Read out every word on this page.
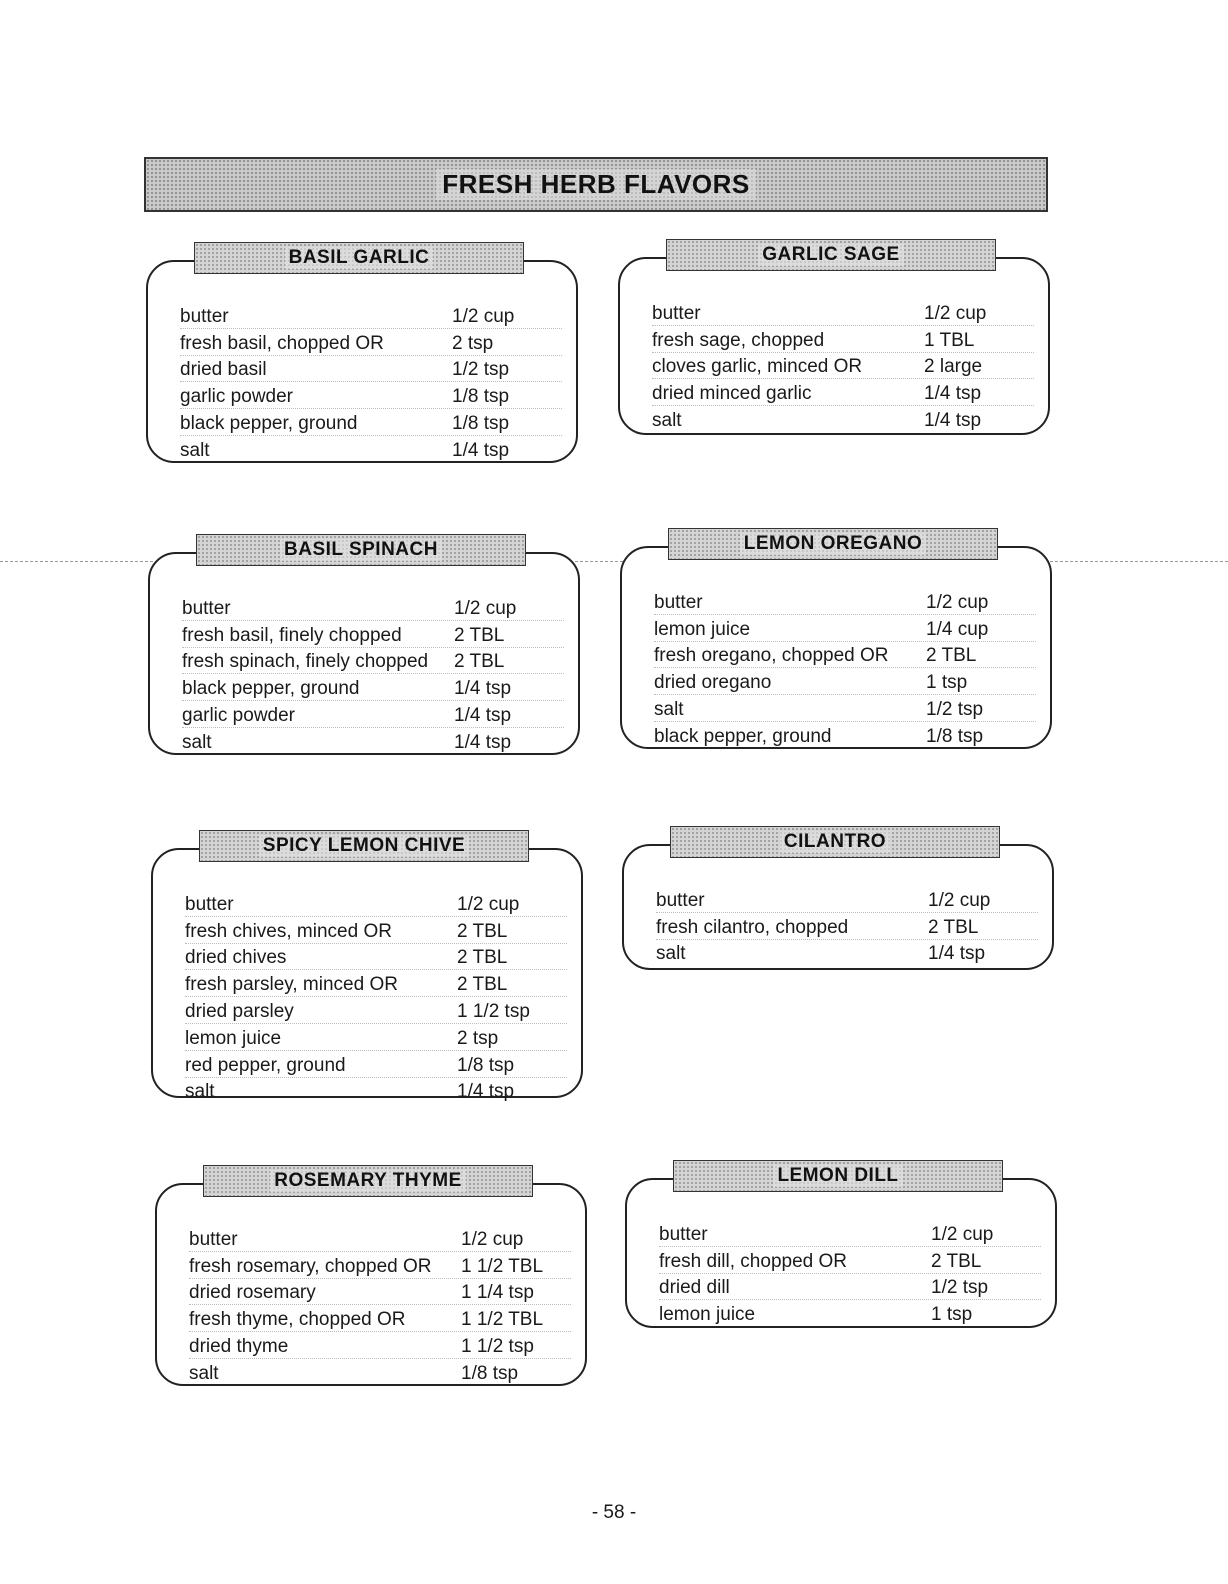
FRESH HERB FLAVORS
BASIL GARLIC
butter	1/2 cup
fresh basil, chopped OR	2 tsp
dried basil	1/2 tsp
garlic powder	1/8 tsp
black pepper, ground	1/8 tsp
salt	1/4 tsp
GARLIC SAGE
butter	1/2 cup
fresh sage, chopped	1 TBL
cloves garlic, minced OR	2 large
dried minced garlic	1/4 tsp
salt	1/4 tsp
BASIL SPINACH
butter	1/2 cup
fresh basil, finely chopped	2 TBL
fresh spinach, finely chopped	2 TBL
black pepper, ground	1/4 tsp
garlic powder	1/4 tsp
salt	1/4 tsp
LEMON OREGANO
butter	1/2 cup
lemon juice	1/4 cup
fresh oregano, chopped OR	2 TBL
dried oregano	1 tsp
salt	1/2 tsp
black pepper, ground	1/8 tsp
SPICY LEMON CHIVE
butter	1/2 cup
fresh chives, minced OR	2 TBL
dried chives	2 TBL
fresh parsley, minced OR	2 TBL
dried parsley	1 1/2 tsp
lemon juice	2 tsp
red pepper, ground	1/8 tsp
salt	1/4 tsp
CILANTRO
butter	1/2 cup
fresh cilantro, chopped	2 TBL
salt	1/4 tsp
ROSEMARY THYME
butter	1/2 cup
fresh rosemary, chopped OR	1 1/2 TBL
dried rosemary	1 1/4 tsp
fresh thyme, chopped OR	1 1/2 TBL
dried thyme	1 1/2 tsp
salt	1/8 tsp
LEMON DILL
butter	1/2 cup
fresh dill, chopped OR	2 TBL
dried dill	1/2 tsp
lemon juice	1 tsp
- 58 -
